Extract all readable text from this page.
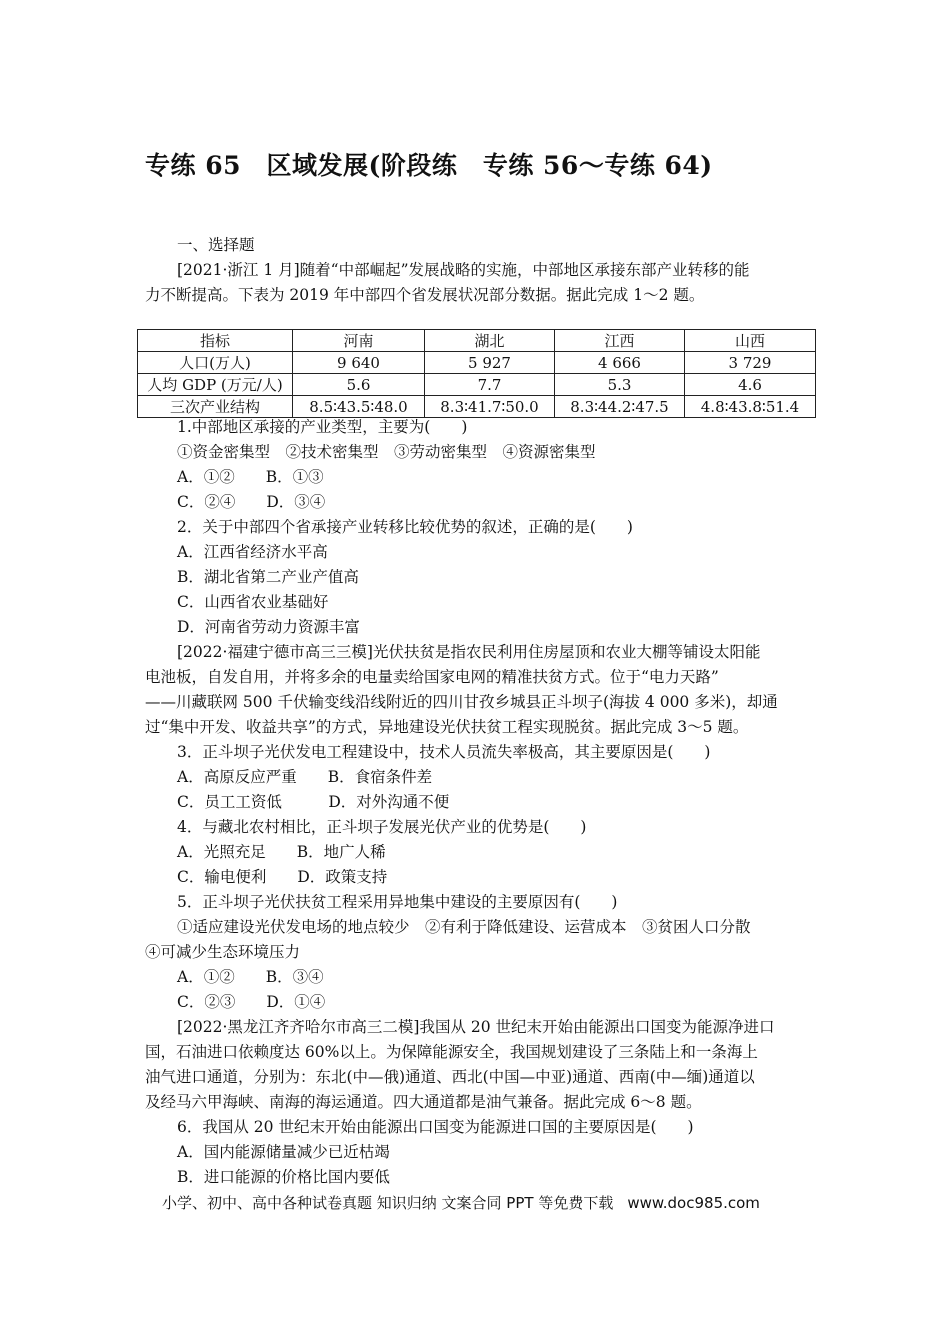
专练 65　区域发展(阶段练　专练 56～专练 64)
一、选择题
[2021·浙江 1 月]随着“中部崛起”发展战略的实施，中部地区承接东部产业转移的能
力不断提高。下表为 2019 年中部四个省发展状况部分数据。据此完成 1～2 题。
指标	河南	湖北	江西	山西
人口(万人)	9 640	5 927	4 666	3 729
人均 GDP (万元/人)	5.6	7.7	5.3	4.6
三次产业结构	8.5∶43.5∶48.0	8.3∶41.7∶50.0	8.3∶44.2∶47.5	4.8∶43.8∶51.4
1.中部地区承接的产业类型，主要为(　　)
①资金密集型　②技术密集型　③劳动密集型　④资源密集型
A．①②　　B．①③
C．②④　　D．③④
2．关于中部四个省承接产业转移比较优势的叙述，正确的是(　　)
A．江西省经济水平高
B．湖北省第二产业产值高
C．山西省农业基础好
D．河南省劳动力资源丰富
[2022·福建宁德市高三三模]光伏扶贫是指农民利用住房屋顶和农业大棚等铺设太阳能
电池板，自发自用，并将多余的电量卖给国家电网的精准扶贫方式。位于“电力天路”
——川藏联网 500 千伏输变线沿线附近的四川甘孜乡城县正斗坝子(海拔 4 000 多米)，却通
过“集中开发、收益共享”的方式，异地建设光伏扶贫工程实现脱贫。据此完成 3～5 题。
3．正斗坝子光伏发电工程建设中，技术人员流失率极高，其主要原因是(　　)
A．高原反应严重　　B．食宿条件差
C．员工工资低　　　D．对外沟通不便
4．与藏北农村相比，正斗坝子发展光伏产业的优势是(　　)
A．光照充足　　B．地广人稀
C．输电便利　　D．政策支持
5．正斗坝子光伏扶贫工程采用异地集中建设的主要原因有(　　)
①适应建设光伏发电场的地点较少　②有利于降低建设、运营成本　③贫困人口分散
④可减少生态环境压力
A．①②　　B．③④
C．②③　　D．①④
[2022·黑龙江齐齐哈尔市高三二模]我国从 20 世纪末开始由能源出口国变为能源净进口
国，石油进口依赖度达 60%以上。为保障能源安全，我国规划建设了三条陆上和一条海上
油气进口通道，分别为：东北(中—俄)通道、西北(中国—中亚)通道、西南(中—缅)通道以
及经马六甲海峡、南海的海运通道。四大通道都是油气兼备。据此完成 6～8 题。
6．我国从 20 世纪末开始由能源出口国变为能源进口国的主要原因是(　　)
A．国内能源储量减少已近枯竭
B．进口能源的价格比国内要低
小学、初中、高中各种试卷真题 知识归纳 文案合同 PPT 等免费下载 www.doc985.com
